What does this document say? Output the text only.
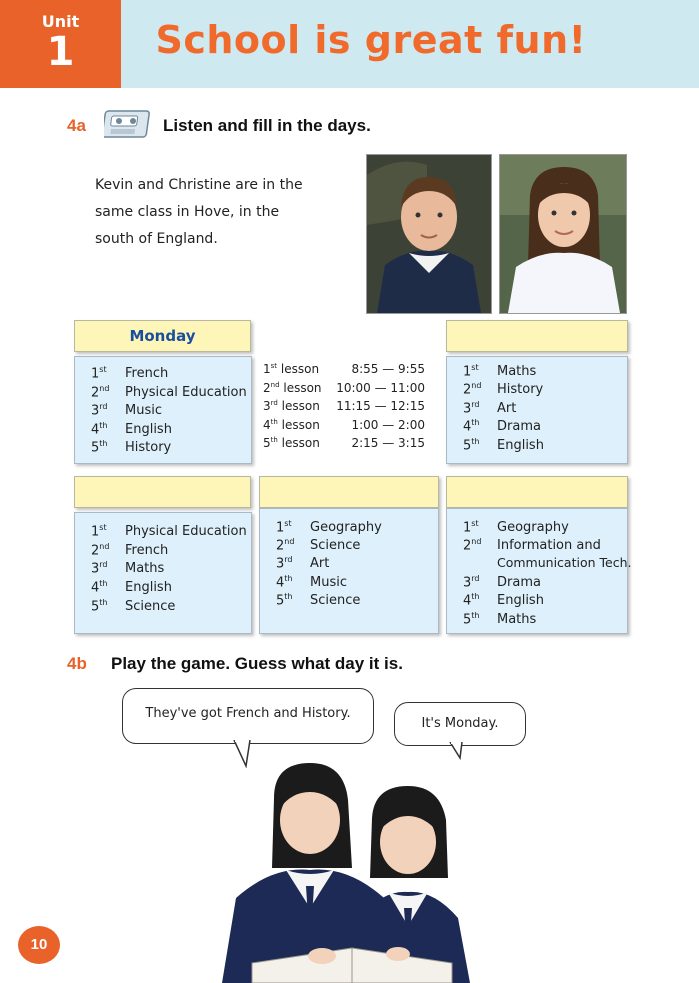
Unit
1	School is great fun!
4a	Listen and fill in the days.
Kevin and Christine are in the
same class in Hove, in the
south of England.
Monday
1st French
2nd Physical Education
3rd Music
4th English
5th History
1st lesson	8:55 — 9:55
2nd lesson 10:00 — 11:00
3rd lesson 11:15 — 12:15
4th lesson	1:00 — 2:00
5th lesson	2:15 — 3:15
1st Maths
2nd History
3rd Art
4th Drama
5th English
1st Physical Education
2nd French
3rd Maths
4th English
5th Science
1st Geography
2nd Science
3rd Art
4th Music
5th Science
1st Geography
2nd Information and
Communication Tech.
3rd Drama
4th English
5th Maths
4b Play the game. Guess what day it is.
They've got French and History.
It's Monday.
10
